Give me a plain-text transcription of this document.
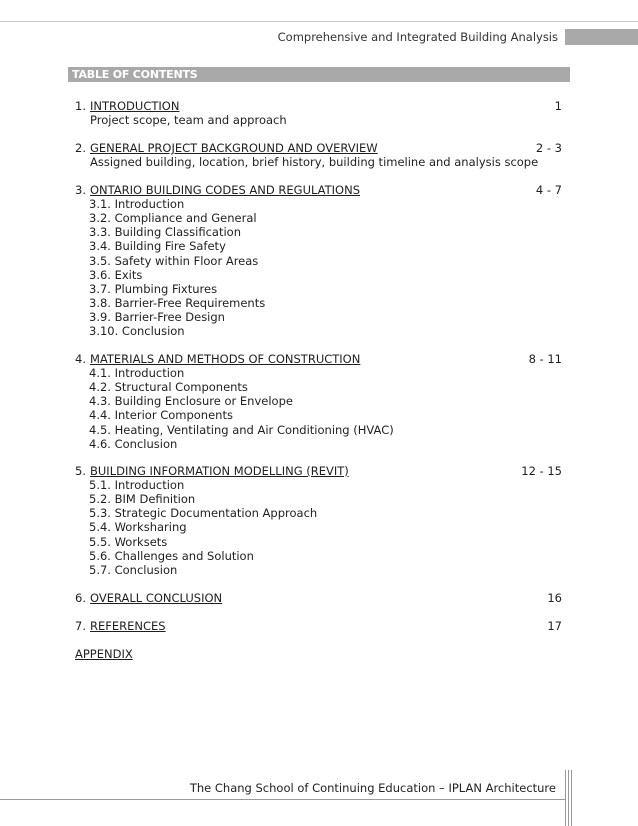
Comprehensive and Integrated Building Analysis
TABLE OF CONTENTS
1. INTRODUCTION	1
Project scope, team and approach
2. GENERAL PROJECT BACKGROUND AND OVERVIEW	2 - 3
Assigned building, location, brief history, building timeline and analysis scope
3. ONTARIO BUILDING CODES AND REGULATIONS	4 - 7
3.1. Introduction
3.2. Compliance and General
3.3. Building Classification
3.4. Building Fire Safety
3.5. Safety within Floor Areas
3.6. Exits
3.7. Plumbing Fixtures
3.8. Barrier-Free Requirements
3.9. Barrier-Free Design
3.10. Conclusion
4. MATERIALS AND METHODS OF CONSTRUCTION	8 - 11
4.1. Introduction
4.2. Structural Components
4.3. Building Enclosure or Envelope
4.4. Interior Components
4.5. Heating, Ventilating and Air Conditioning (HVAC)
4.6. Conclusion
5. BUILDING INFORMATION MODELLING (REVIT)	12 - 15
5.1. Introduction
5.2. BIM Definition
5.3. Strategic Documentation Approach
5.4. Worksharing
5.5. Worksets
5.6. Challenges and Solution
5.7. Conclusion
6. OVERALL CONCLUSION	16
7. REFERENCES	17
APPENDIX
The Chang School of Continuing Education – IPLAN Architecture
